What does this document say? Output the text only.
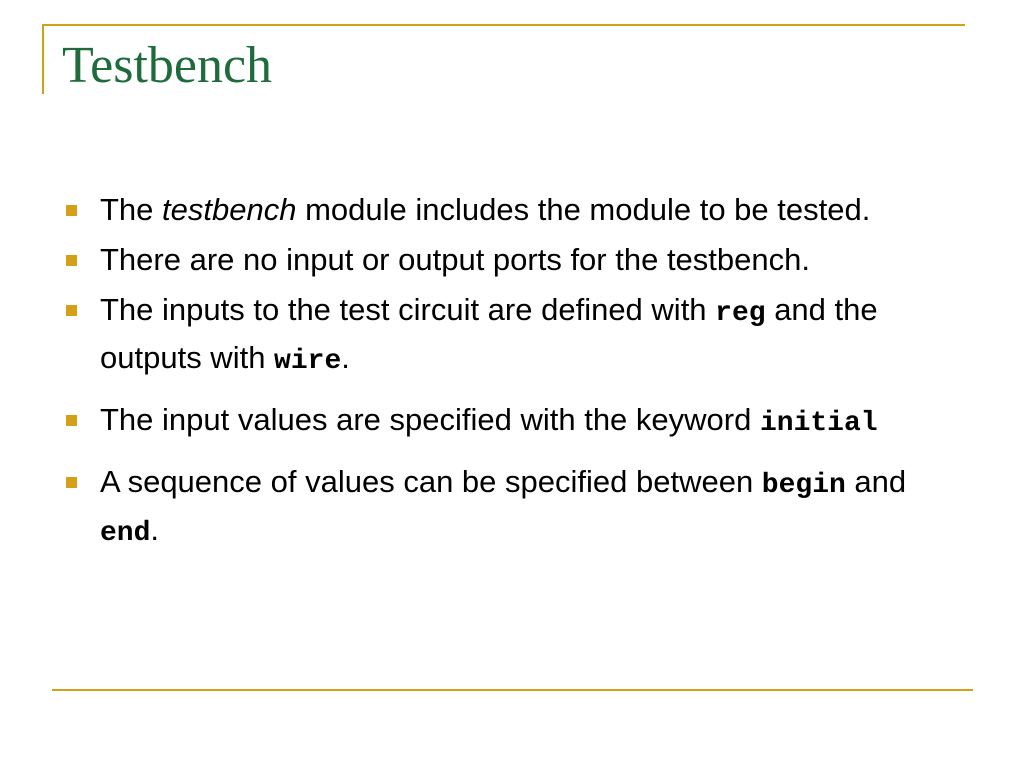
Testbench
The testbench module includes the module to be tested.
There are no input or output ports for the testbench.
The inputs to the test circuit are defined with reg and the outputs with wire.
The input values are specified with the keyword initial
A sequence of values can be specified between begin and end.
